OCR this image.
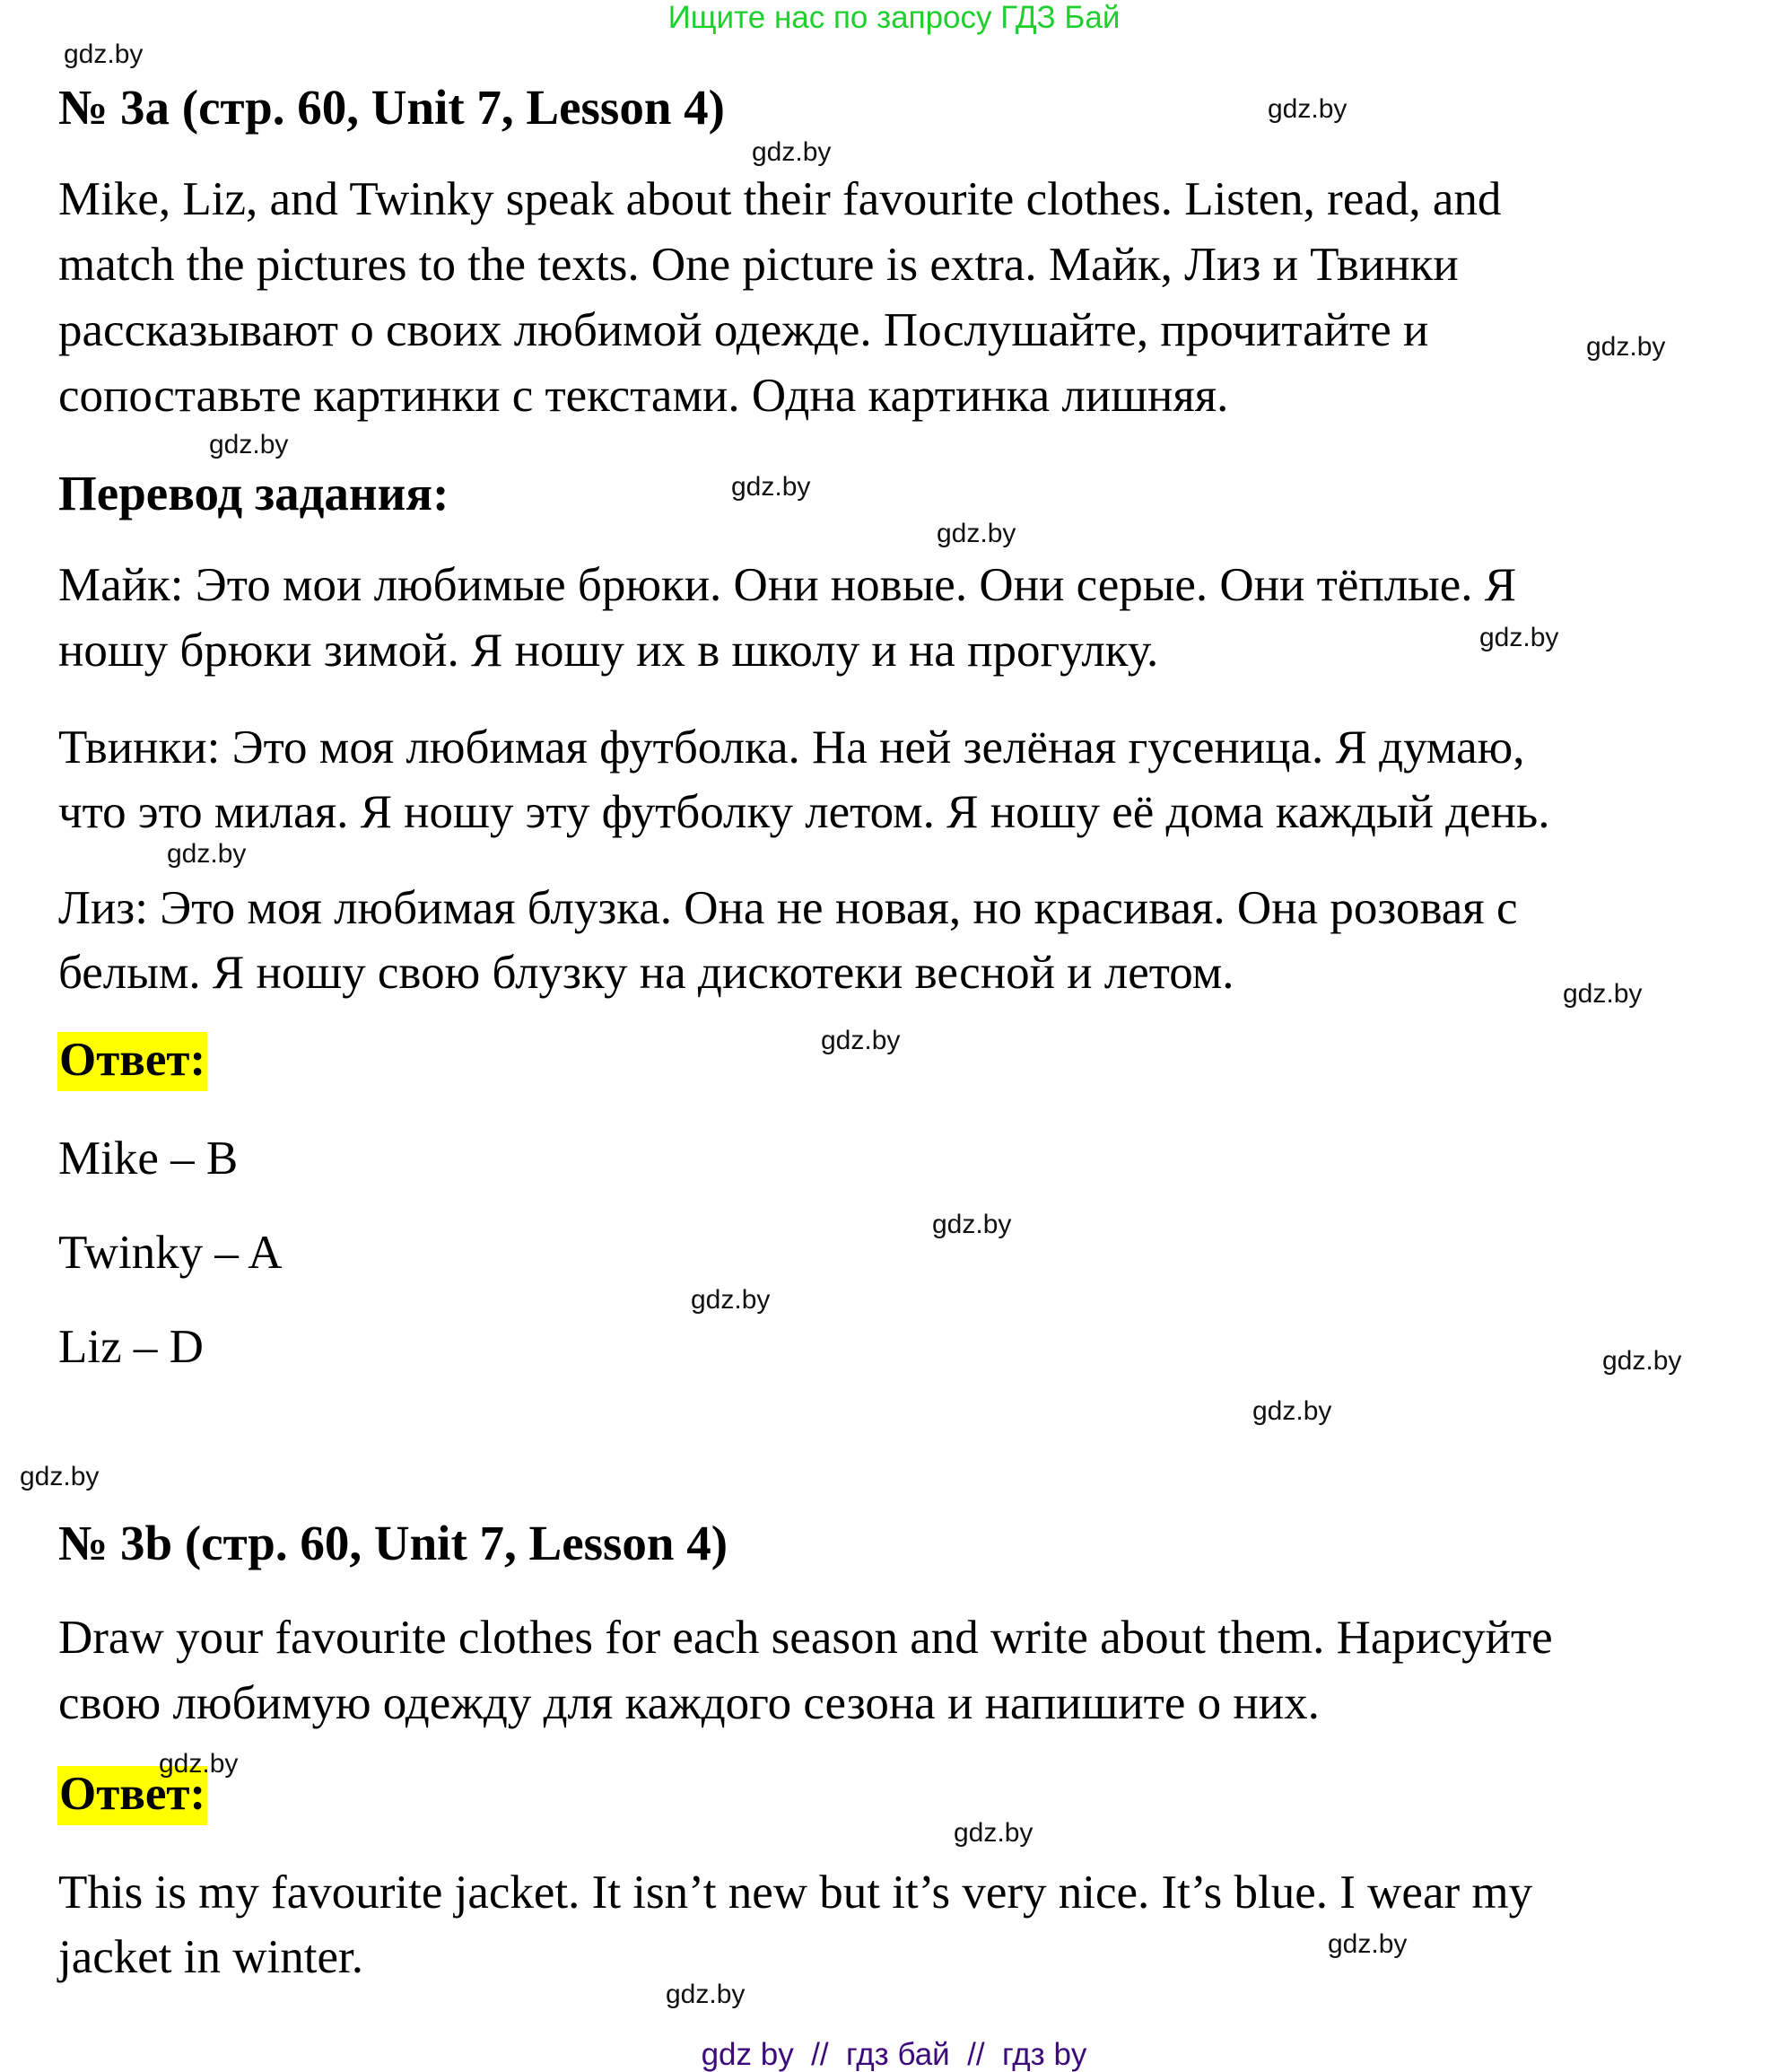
Ищите нас по запросу ГДЗ Бай
№ 3a (стр. 60, Unit 7, Lesson 4)
Mike, Liz, and Twinky speak about their favourite clothes. Listen, read, and
match the pictures to the texts. One picture is extra. Майк, Лиз и Твинки
рассказывают о своих любимой одежде. Послушайте, прочитайте и
сопоставьте картинки с текстами. Одна картинка лишняя.
Перевод задания:
Майк: Это мои любимые брюки. Они новые. Они серые. Они тёплые. Я
ношу брюки зимой. Я ношу их в школу и на прогулку.
Твинки: Это моя любимая футболка. На ней зелёная гусеница. Я думаю,
что это милая. Я ношу эту футболку летом. Я ношу её дома каждый день.
Лиз: Это моя любимая блузка. Она не новая, но красивая. Она розовая с
белым. Я ношу свою блузку на дискотеки весной и летом.
Ответ:
Mike – B
Twinky – A
Liz – D
№ 3b (стр. 60, Unit 7, Lesson 4)
Draw your favourite clothes for each season and write about them. Нарисуйте
свою любимую одежду для каждого сезона и напишите о них.
Ответ:
This is my favourite jacket. It isn’t new but it’s very nice. It’s blue. I wear my
jacket in winter.
gdz.by
gdz.by
gdz.by
gdz.by
gdz.by
gdz.by
gdz.by
gdz.by
gdz.by
gdz.by
gdz.by
gdz.by
gdz.by
gdz.by
gdz.by
gdz.by
gdz.by
gdz.by
gdz.by
gdz.by
gdz by  //  гдз бай  //  гдз by
